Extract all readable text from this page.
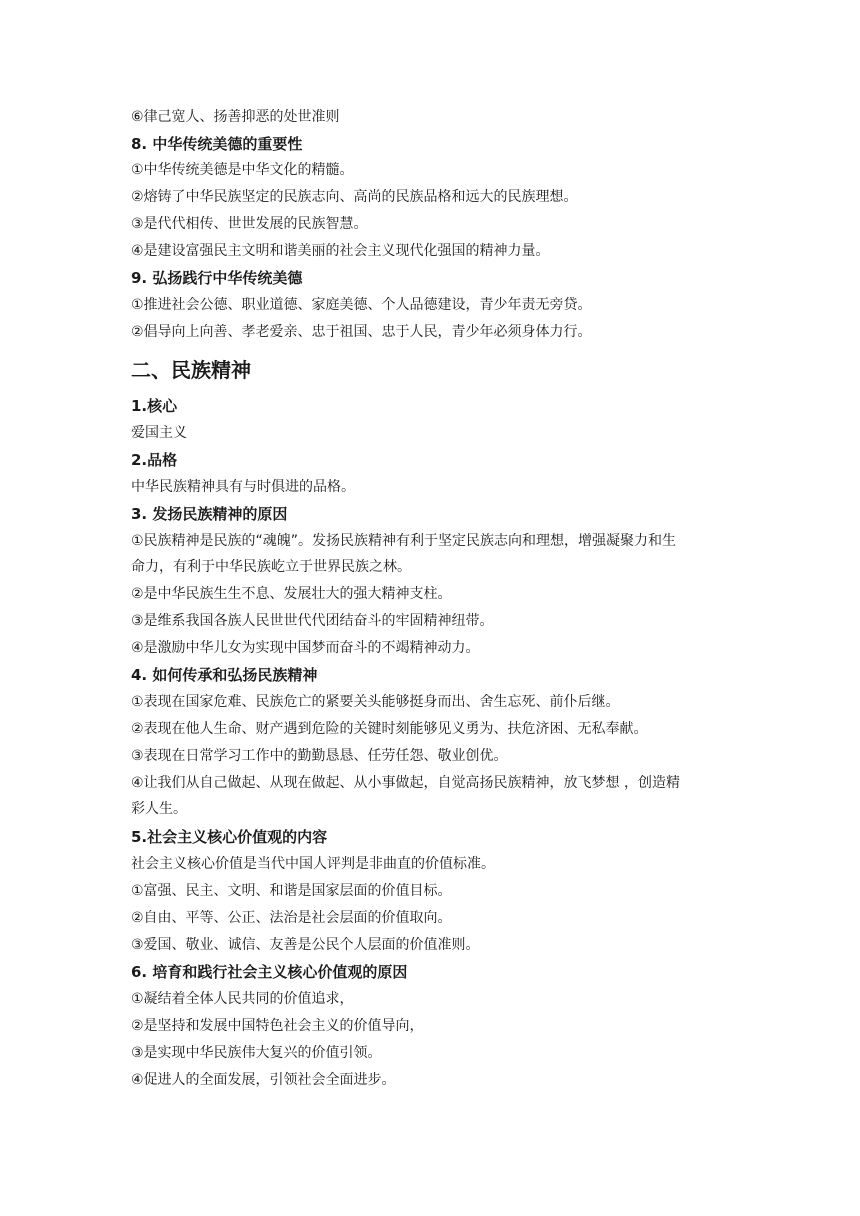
⑥律己宽人、扬善抑恶的处世准则
8. 中华传统美德的重要性
①中华传统美德是中华文化的精髓。
②熔铸了中华民族坚定的民族志向、高尚的民族品格和远大的民族理想。
③是代代相传、世世发展的民族智慧。
④是建设富强民主文明和谐美丽的社会主义现代化强国的精神力量。
9. 弘扬践行中华传统美德
①推进社会公德、职业道德、家庭美德、个人品德建设，青少年责无旁贷。
②倡导向上向善、孝老爱亲、忠于祖国、忠于人民，青少年必须身体力行。
二、民族精神
1.核心
爱国主义
2.品格
中华民族精神具有与时俱进的品格。
3. 发扬民族精神的原因
①民族精神是民族的“魂魄”。发扬民族精神有利于坚定民族志向和理想，增强凝聚力和生
命力，有利于中华民族屹立于世界民族之林。
②是中华民族生生不息、发展壮大的强大精神支柱。
③是维系我国各族人民世世代代团结奋斗的牢固精神纽带。
④是激励中华儿女为实现中国梦而奋斗的不竭精神动力。
4. 如何传承和弘扬民族精神
①表现在国家危难、民族危亡的紧要关头能够挺身而出、舍生忘死、前仆后继。
②表现在他人生命、财产遇到危险的关键时刻能够见义勇为、扶危济困、无私奉献。
③表现在日常学习工作中的勤勤恳恳、任劳任怨、敬业创优。
④让我们从自己做起、从现在做起、从小事做起，自觉高扬民族精神，放飞梦想 ，创造精
彩人生。
5.社会主义核心价值观的内容
社会主义核心价值是当代中国人评判是非曲直的价值标准。
①富强、民主、文明、和谐是国家层面的价值目标。
②自由、平等、公正、法治是社会层面的价值取向。
③爱国、敬业、诚信、友善是公民个人层面的价值准则。
6. 培育和践行社会主义核心价值观的原因
①凝结着全体人民共同的价值追求，
②是坚持和发展中国特色社会主义的价值导向，
③是实现中华民族伟大复兴的价值引领。
④促进人的全面发展，引领社会全面进步。
